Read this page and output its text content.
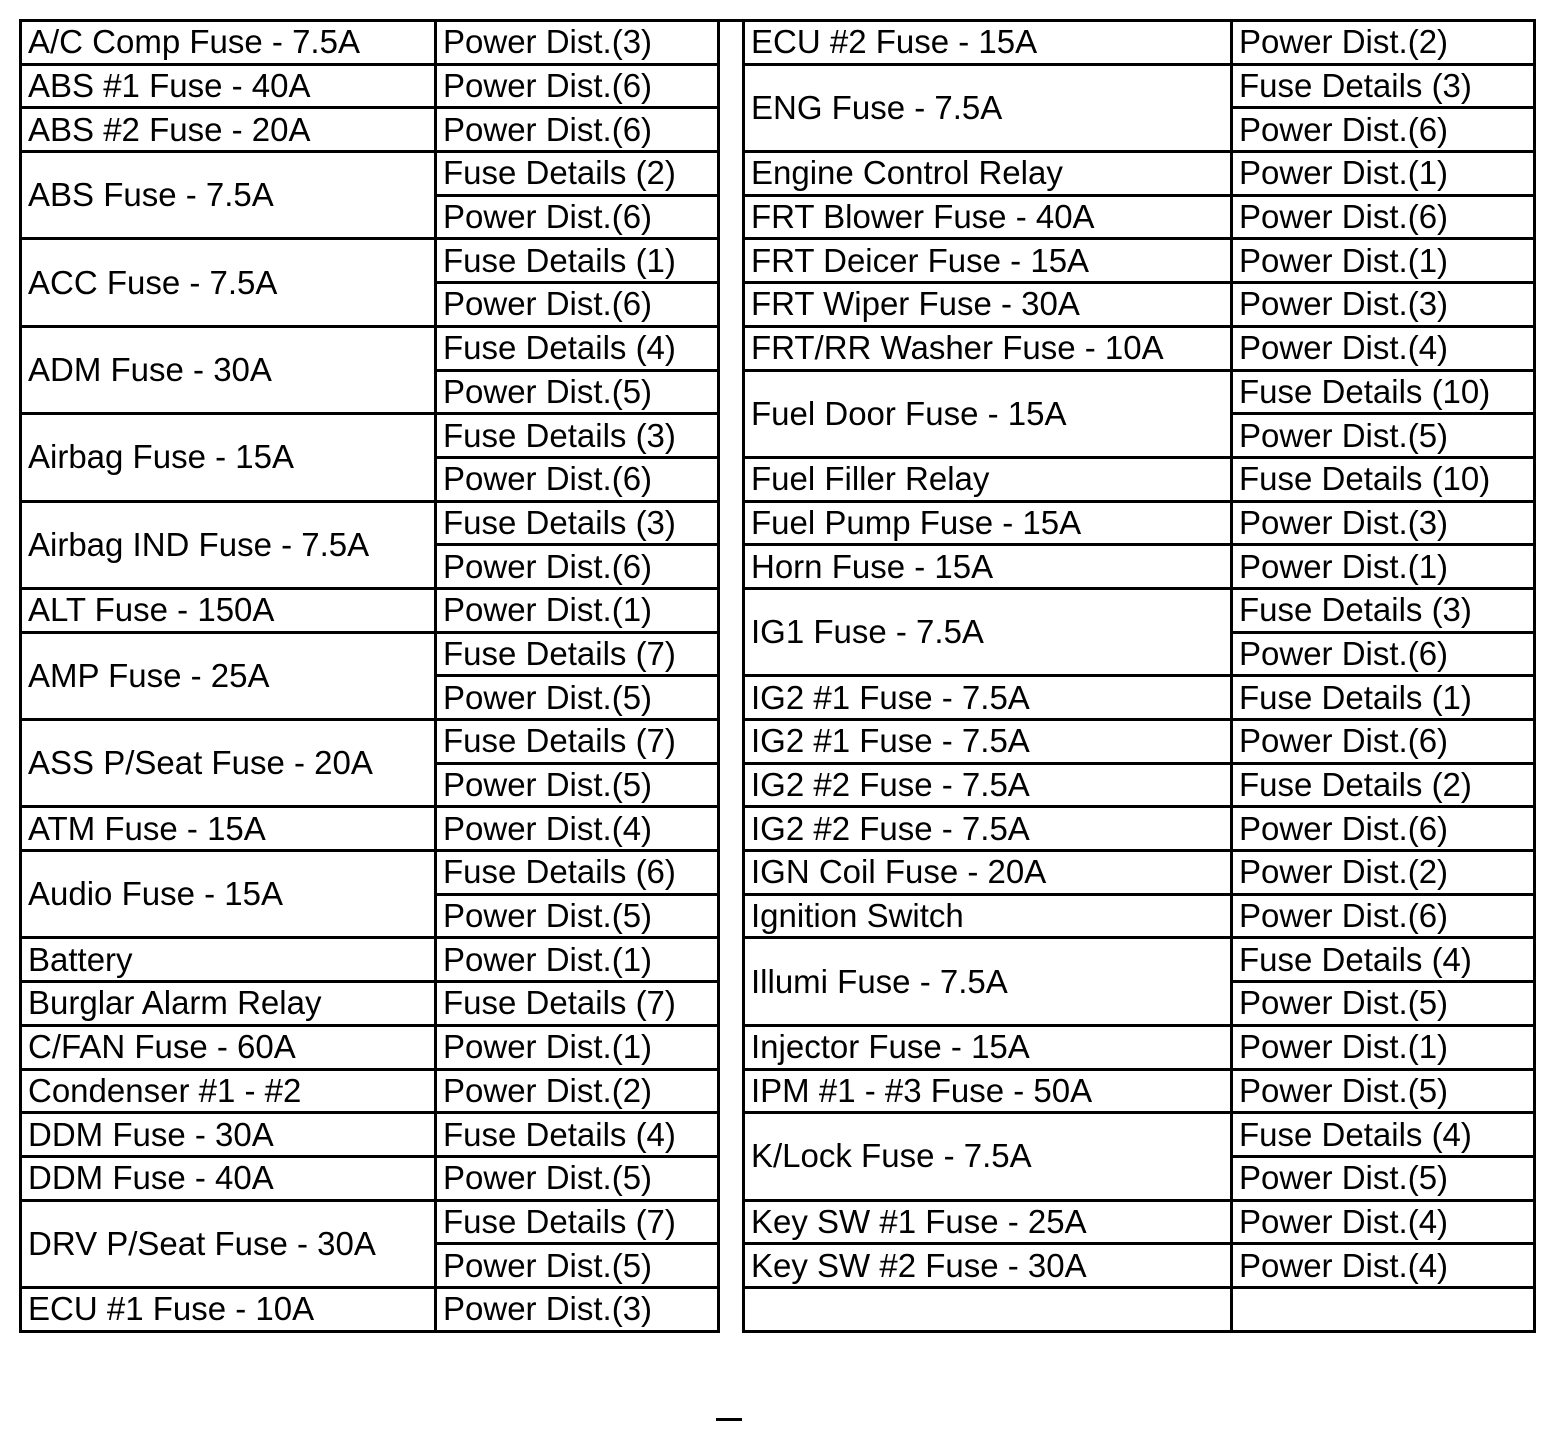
A/C Comp Fuse - 7.5A	Power Dist.(3)
ABS #1 Fuse - 40A	Power Dist.(6)
ABS #2 Fuse - 20A	Power Dist.(6)
ABS Fuse - 7.5A	Fuse Details (2)
	Power Dist.(6)
ACC Fuse - 7.5A	Fuse Details (1)
	Power Dist.(6)
ADM Fuse - 30A	Fuse Details (4)
	Power Dist.(5)
Airbag Fuse - 15A	Fuse Details (3)
	Power Dist.(6)
Airbag IND Fuse - 7.5A	Fuse Details (3)
	Power Dist.(6)
ALT Fuse - 150A	Power Dist.(1)
AMP Fuse - 25A	Fuse Details (7)
	Power Dist.(5)
ASS P/Seat Fuse - 20A	Fuse Details (7)
	Power Dist.(5)
ATM Fuse - 15A	Power Dist.(4)
Audio Fuse - 15A	Fuse Details (6)
	Power Dist.(5)
Battery	Power Dist.(1)
Burglar Alarm Relay	Fuse Details (7)
C/FAN Fuse - 60A	Power Dist.(1)
Condenser #1 - #2	Power Dist.(2)
DDM Fuse - 30A	Fuse Details (4)
DDM Fuse - 40A	Power Dist.(5)
DRV P/Seat Fuse - 30A	Fuse Details (7)
	Power Dist.(5)
ECU #1 Fuse - 10A	Power Dist.(3)
ECU #2 Fuse - 15A	Power Dist.(2)
ENG Fuse - 7.5A	Fuse Details (3)
	Power Dist.(6)
Engine Control Relay	Power Dist.(1)
FRT Blower Fuse - 40A	Power Dist.(6)
FRT Deicer Fuse - 15A	Power Dist.(1)
FRT Wiper Fuse - 30A	Power Dist.(3)
FRT/RR Washer Fuse - 10A	Power Dist.(4)
Fuel Door Fuse - 15A	Fuse Details (10)
	Power Dist.(5)
Fuel Filler Relay	Fuse Details (10)
Fuel Pump Fuse - 15A	Power Dist.(3)
Horn Fuse - 15A	Power Dist.(1)
IG1 Fuse - 7.5A	Fuse Details (3)
	Power Dist.(6)
IG2 #1 Fuse - 7.5A	Fuse Details (1)
IG2 #1 Fuse - 7.5A	Power Dist.(6)
IG2 #2 Fuse - 7.5A	Fuse Details (2)
IG2 #2 Fuse - 7.5A	Power Dist.(6)
IGN Coil Fuse - 20A	Power Dist.(2)
Ignition Switch	Power Dist.(6)
Illumi Fuse - 7.5A	Fuse Details (4)
	Power Dist.(5)
Injector Fuse - 15A	Power Dist.(1)
IPM #1 - #3 Fuse - 50A	Power Dist.(5)
K/Lock Fuse - 7.5A	Fuse Details (4)
	Power Dist.(5)
Key SW #1 Fuse - 25A	Power Dist.(4)
Key SW #2 Fuse - 30A	Power Dist.(4)
